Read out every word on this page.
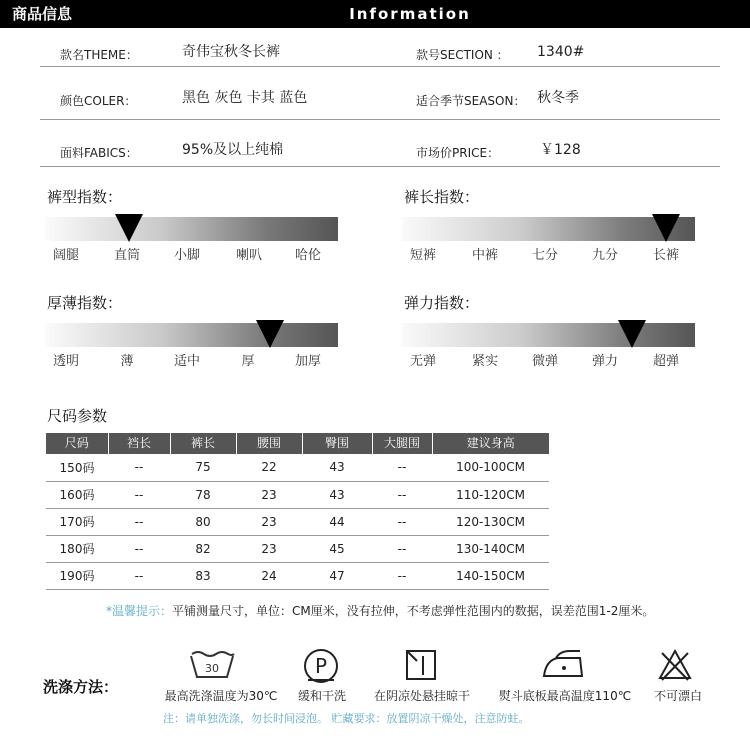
商品信息	Information
款名THEME：	奇伟宝秋冬长裤	款号SECTION ： 1340#
颜色COLER：	黑色 灰色 卡其 蓝色	适合季节SEASON： 秋冬季
面料FABICS：	95%及以上纯棉	市场价PRICE：	￥128
裤型指数：
阔腿	直筒	小脚	喇叭	哈伦
裤长指数：
短裤	中裤	七分	九分	长裤
厚薄指数：
透明	薄	适中	厚	加厚
弹力指数：
无弹	紧实	微弹	弹力	超弹
尺码参数
尺码	裆长	裤长	腰围	臀围	大腿围	建议身高
150码	--	75	22	43	--	100-100CM
160码	--	78	23	43	--	110-120CM
170码	--	80	23	44	--	120-130CM
180码	--	82	23	45	--	130-140CM
190码	--	83	24	47	--	140-150CM
*温馨提示：平铺测量尺寸，单位：CM厘米，没有拉伸，不考虑弹性范围内的数据，误差范围1-2厘米。
洗涤方法：
30	P
最高洗涤温度为30℃	缓和干洗	在阴凉处悬挂晾干	熨斗底板最高温度110℃	不可漂白
注：请单独洗涤，勿长时间浸泡。 贮藏要求：放置阴凉干燥处，注意防蛀。
